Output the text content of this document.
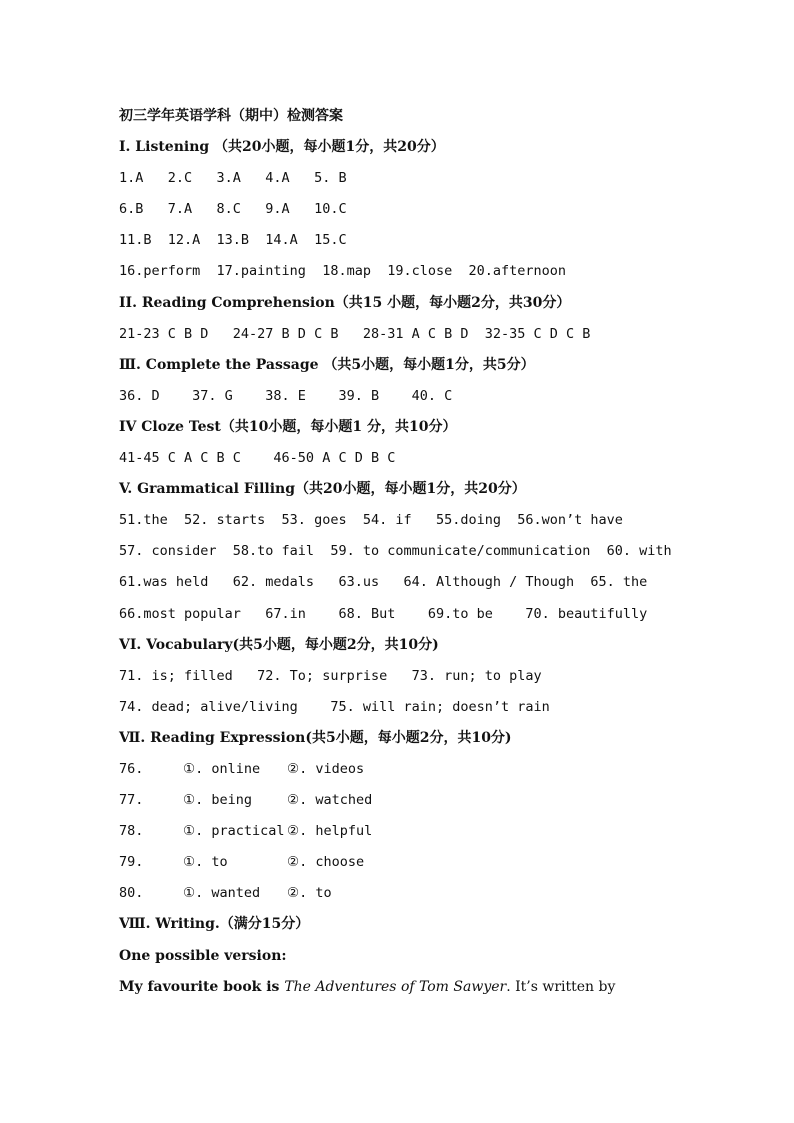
初三学年英语学科（期中）检测答案
I. Listening （共20小题，每小题1分，共20分）
1.A   2.C   3.A   4.A   5. B
6.B   7.A   8.C   9.A   10.C
11.B  12.A  13.B  14.A  15.C
16.perform  17.painting  18.map  19.close  20.afternoon
II. Reading Comprehension（共15 小题，每小题2分，共30分）
21-23 C B D   24-27 B D C B   28-31 A C B D  32-35 C D C B
Ⅲ. Complete the Passage （共5小题，每小题1分，共5分）
36. D    37. G    38. E    39. B    40. C
IV Cloze Test（共10小题，每小题1 分，共10分）
41-45 C A C B C    46-50 A C D B C
V. Grammatical Filling（共20小题，每小题1分，共20分）
51.the  52. starts  53. goes  54. if   55.doing  56.won’t have
57. consider  58.to fail  59. to communicate/communication  60. with
61.was held   62. medals   63.us   64. Although / Though  65. the
66.most popular   67.in    68. But    69.to be    70. beautifully
VI. Vocabulary(共5小题，每小题2分，共10分)
71. is; filled   72. To; surprise   73. run; to play
74. dead; alive/living    75. will rain; doesn’t rain
Ⅶ. Reading Expression(共5小题，每小题2分，共10分)
76.	①. online ②. videos
77.	①. being	②. watched
78.	①. practical ②. helpful
79.	①. to	②. choose
80.	①. wanted ②. to
Ⅷ. Writing.（满分15分）
One possible version:
My favourite book is The Adventures of Tom Sawyer. It’s written by
